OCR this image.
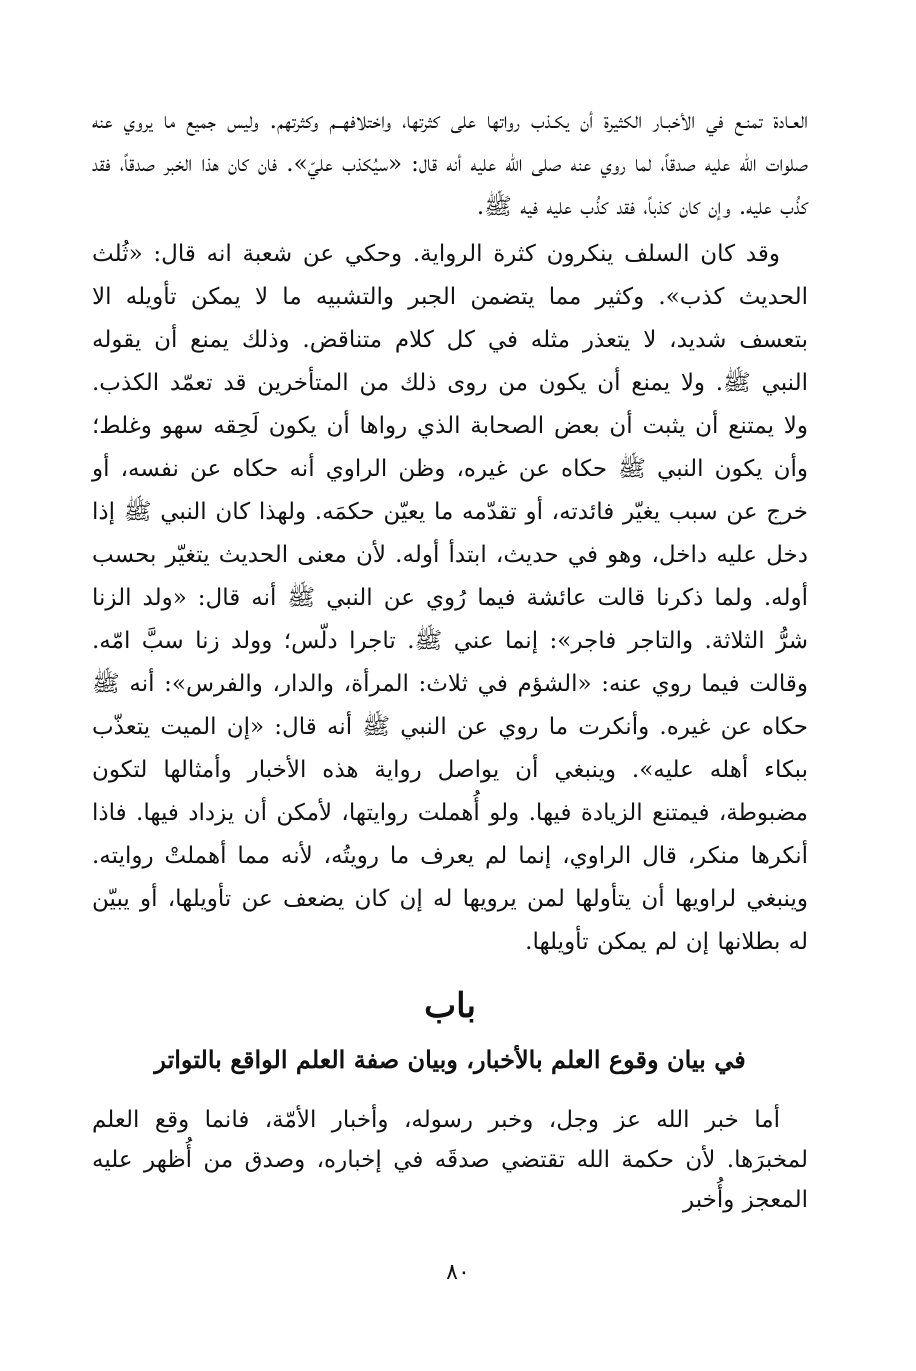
العـادة تمنـع في الأخبـار الكثيرة أن يكـذب رواتها على كثرتها، واختلافهــم وكثرتهم. وليس جميع ما يروي عنه صلوات الله عليه صدقاً، لما روي عنه صلى الله عليه أنه قال: «سيُكذب عليّ». فان كان هذا الخبر صدقاً، فقد كذُب عليه. وإن كان كذباً، فقد كذُب عليه فيه ﷺ.

وقد كان السلف ينكرون كثرة الرواية. وحكي عن شعبة انه قال: «ثُلث الحديث كذب». وكثير مما يتضمن الجبر والتشبيه ما لا يمكن تأويله الا بتعسف شديد، لا يتعذر مثله في كل كلام متناقض. وذلك يمنع أن يقوله النبي ﷺ. ولا يمنع أن يكون من روى ذلك من المتأخرين قد تعمّد الكذب. ولا يمتنع أن يثبت أن بعض الصحابة الذي رواها أن يكون لَحِقه سهو وغلط؛ وأن يكون النبي ﷺ حكاه عن غيره، وظن الراوي أنه حكاه عن نفسه، أو خرج عن سبب يغيّر فائدته، أو تقدّمه ما يعيّن حكمَه. ولهذا كان النبي ﷺ إذا دخل عليه داخل، وهو في حديث، ابتدأ أوله. لأن معنى الحديث يتغيّر بحسب أوله. ولما ذكرنا قالت عائشة فيما رُوي عن النبي ﷺ أنه قال: «ولد الزنا شرُّ الثلاثة. والتاجر فاجر»: إنما عني ﷺ. تاجرا دلّس؛ وولد زنا سبَّ امّه. وقالت فيما روي عنه: «الشؤم في ثلاث: المرأة، والدار، والفرس»: أنه ﷺ حكاه عن غيره. وأنكرت ما روي عن النبي ﷺ أنه قال: «إن الميت يتعذّب ببكاء أهله عليه». وينبغي أن يواصل رواية هذه الأخبار وأمثالها لتكون مضبوطة، فيمتنع الزيادة فيها. ولو أُهملت روايتها، لأمكن أن يزداد فيها. فاذا أنكرها منكر، قال الراوي، إنما لم يعرف ما رويتُه، لأنه مما أهملتْ روايته. وينبغي لراويها أن يتأولها لمن يرويها له إن كان يضعف عن تأويلها، أو يبيّن له بطلانها إن لم يمكن تأويلها.

باب
في بيان وقوع العلم بالأخبار، وبيان صفة العلم الواقع بالتواتر

أما خبر الله عز وجل، وخبر رسوله، وأخبار الأمّة، فانما وقع العلم لمخبرَها. لأن حكمة الله تقتضي صدقَه في إخباره، وصدق من أُظهر عليه المعجز وأُخبر

٨٠
